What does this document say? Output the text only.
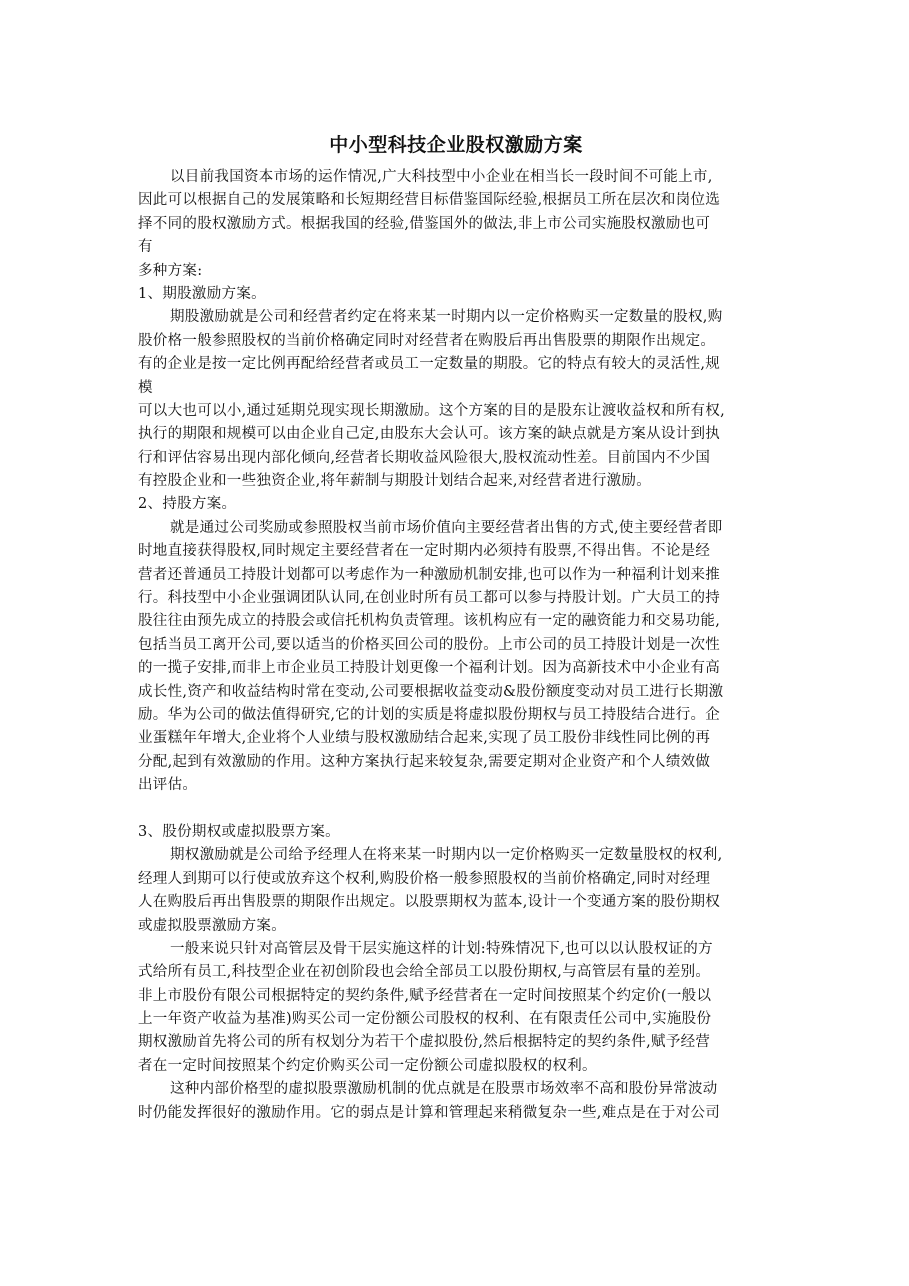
中小型科技企业股权激励方案
以目前我国资本市场的运作情况,广大科技型中小企业在相当长一段时间不可能上市,
因此可以根据自己的发展策略和长短期经营目标借鉴国际经验,根据员工所在层次和岗位选
择不同的股权激励方式。根据我国的经验,借鉴国外的做法,非上市公司实施股权激励也可
有
多种方案:
1、期股激励方案。
期股激励就是公司和经营者约定在将来某一时期内以一定价格购买一定数量的股权,购
股价格一般参照股权的当前价格确定同时对经营者在购股后再出售股票的期限作出规定。
有的企业是按一定比例再配给经营者或员工一定数量的期股。它的特点有较大的灵活性,规
模
可以大也可以小,通过延期兑现实现长期激励。这个方案的目的是股东让渡收益权和所有权,
执行的期限和规模可以由企业自己定,由股东大会认可。该方案的缺点就是方案从设计到执
行和评估容易出现内部化倾向,经营者长期收益风险很大,股权流动性差。目前国内不少国
有控股企业和一些独资企业,将年薪制与期股计划结合起来,对经营者进行激励。
2、持股方案。
就是通过公司奖励或参照股权当前市场价值向主要经营者出售的方式,使主要经营者即
时地直接获得股权,同时规定主要经营者在一定时期内必须持有股票,不得出售。不论是经
营者还普通员工持股计划都可以考虑作为一种激励机制安排,也可以作为一种福利计划来推
行。科技型中小企业强调团队认同,在创业时所有员工都可以参与持股计划。广大员工的持
股往往由预先成立的持股会或信托机构负责管理。该机构应有一定的融资能力和交易功能,
包括当员工离开公司,要以适当的价格买回公司的股份。上市公司的员工持股计划是一次性
的一揽子安排,而非上市企业员工持股计划更像一个福利计划。因为高新技术中小企业有高
成长性,资产和收益结构时常在变动,公司要根据收益变动&股份额度变动对员工进行长期激
励。华为公司的做法值得研究,它的计划的实质是将虚拟股份期权与员工持股结合进行。企
业蛋糕年年增大,企业将个人业绩与股权激励结合起来,实现了员工股份非线性同比例的再
分配,起到有效激励的作用。这种方案执行起来较复杂,需要定期对企业资产和个人绩效做
出评估。
3、股份期权或虚拟股票方案。
期权激励就是公司给予经理人在将来某一时期内以一定价格购买一定数量股权的权利,
经理人到期可以行使或放弃这个权利,购股价格一般参照股权的当前价格确定,同时对经理
人在购股后再出售股票的期限作出规定。以股票期权为蓝本,设计一个变通方案的股份期权
或虚拟股票激励方案。
一般来说只针对高管层及骨干层实施这样的计划:特殊情况下,也可以以认股权证的方
式给所有员工,科技型企业在初创阶段也会给全部员工以股份期权,与高管层有量的差别。
非上市股份有限公司根据特定的契约条件,赋予经营者在一定时间按照某个约定价(一般以
上一年资产收益为基准)购买公司一定份额公司股权的权利、在有限责任公司中,实施股份
期权激励首先将公司的所有权划分为若干个虚拟股份,然后根据特定的契约条件,赋予经营
者在一定时间按照某个约定价购买公司一定份额公司虚拟股权的权利。
这种内部价格型的虚拟股票激励机制的优点就是在股票市场效率不高和股份异常波动
时仍能发挥很好的激励作用。它的弱点是计算和管理起来稍微复杂一些,难点是在于对公司
